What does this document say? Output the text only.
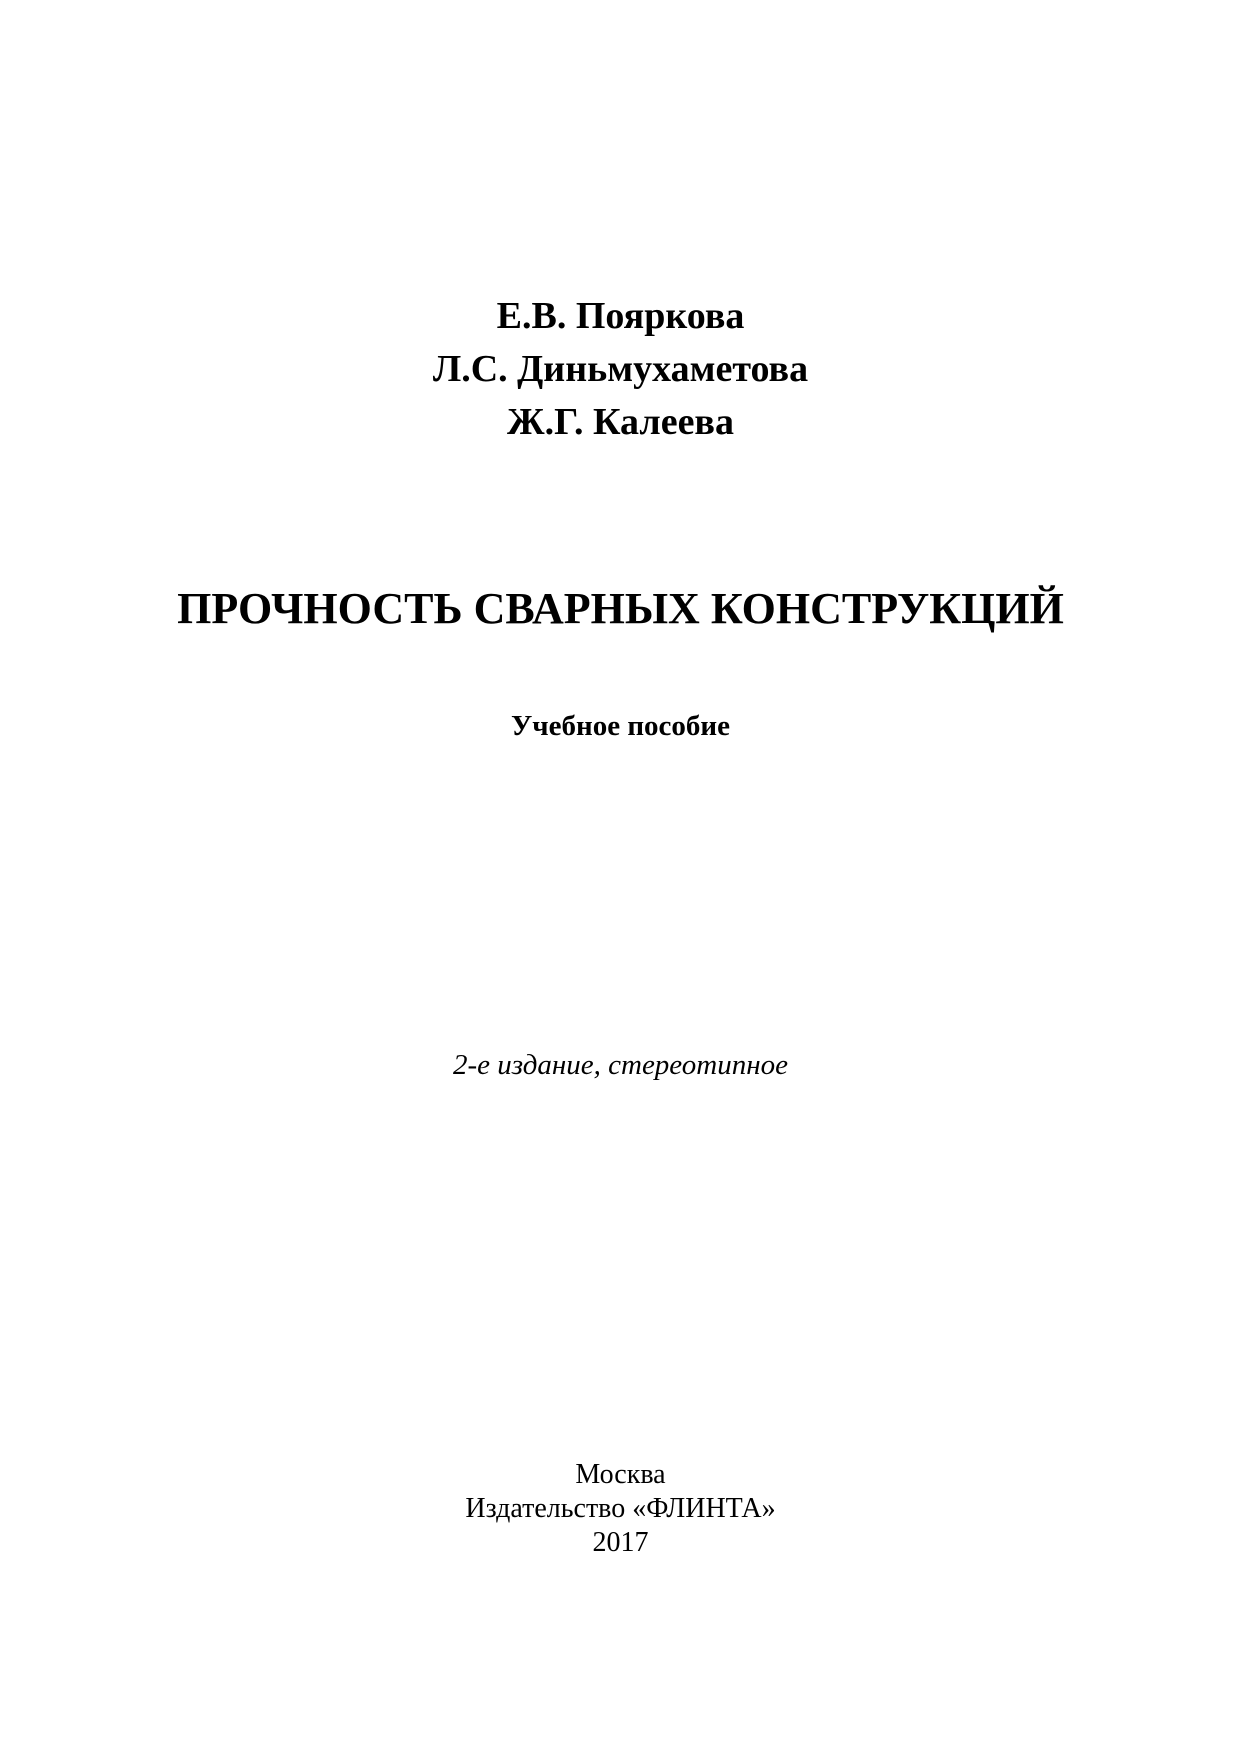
Е.В. Пояркова
Л.С. Диньмухаметова
Ж.Г. Калеева
ПРОЧНОСТЬ СВАРНЫХ КОНСТРУКЦИЙ
Учебное пособие
2-е издание, стереотипное
Москва
Издательство «ФЛИНТА»
2017
